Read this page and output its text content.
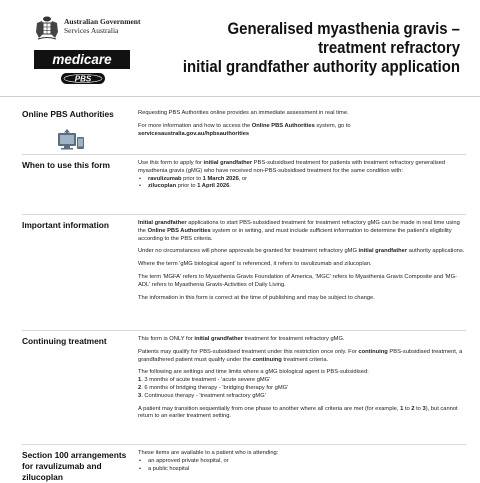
Australian Government
Services Australia
medicare
PBS
Generalised myasthenia gravis –
treatment refractory
initial grandfather authority application
Online PBS Authorities	Requesting PBS Authorities online provides an immediate assessment in real time.

For more information and how to access the Online PBS Authorities system, go to
servicesaustralia.gov.au/hpbsauthorities

When to use this form	Use this form to apply for initial grandfather PBS-subsidised treatment for patients with treatment refractory generalised myasthenia gravis (gMG) who have received non-PBS-subsidised treatment for the same condition with:

• ravulizumab prior to 1 March 2026, or
• zilucoplan prior to 1 April 2026.
Important information	Initial grandfather applications to start PBS-subsidised treatment for treatment refractory gMG can be made in real time using the Online PBS Authorities system or in writing, and must include sufficient information to determine the patient's eligibility according to the PBS criteria.

Under no circumstances will phone approvals be granted for treatment refractory gMG initial grandfather authority applications.

Where the term 'gMG biological agent' is referenced, it refers to ravulizumab and zilucoplan.

The term 'MGFA' refers to Myasthenia Gravis Foundation of America, 'MGC' refers to Myasthenia Gravis Composite and 'MG-ADL' refers to Myasthenia Gravis-Activities of Daily Living.

The information in this form is correct at the time of publishing and may be subject to change.

Continuing treatment	This form is ONLY for initial grandfather treatment for treatment refractory gMG.

Patients may qualify for PBS-subsidised treatment under this restriction once only. For continuing PBS-subsidised treatment, a grandfathered patient must qualify under the continuing treatment criteria.

The following are settings and time limits where a gMG biological agent is PBS-subsidised:

1. 3 months of acute treatment - 'acute severe gMG'
2. 6 months of bridging therapy - 'bridging therapy for gMG'
3. Continuous therapy - 'treatment refractory gMG'

A patient may transition sequentially from one phase to another where all criteria are met (for example, 1 to 2 to 3), but cannot return to an earlier treatment setting.

Section 100 arrangements for ravulizumab and zilucoplan

These items are available to a patient who is attending:

• an approved private hospital, or
• a public hospital
